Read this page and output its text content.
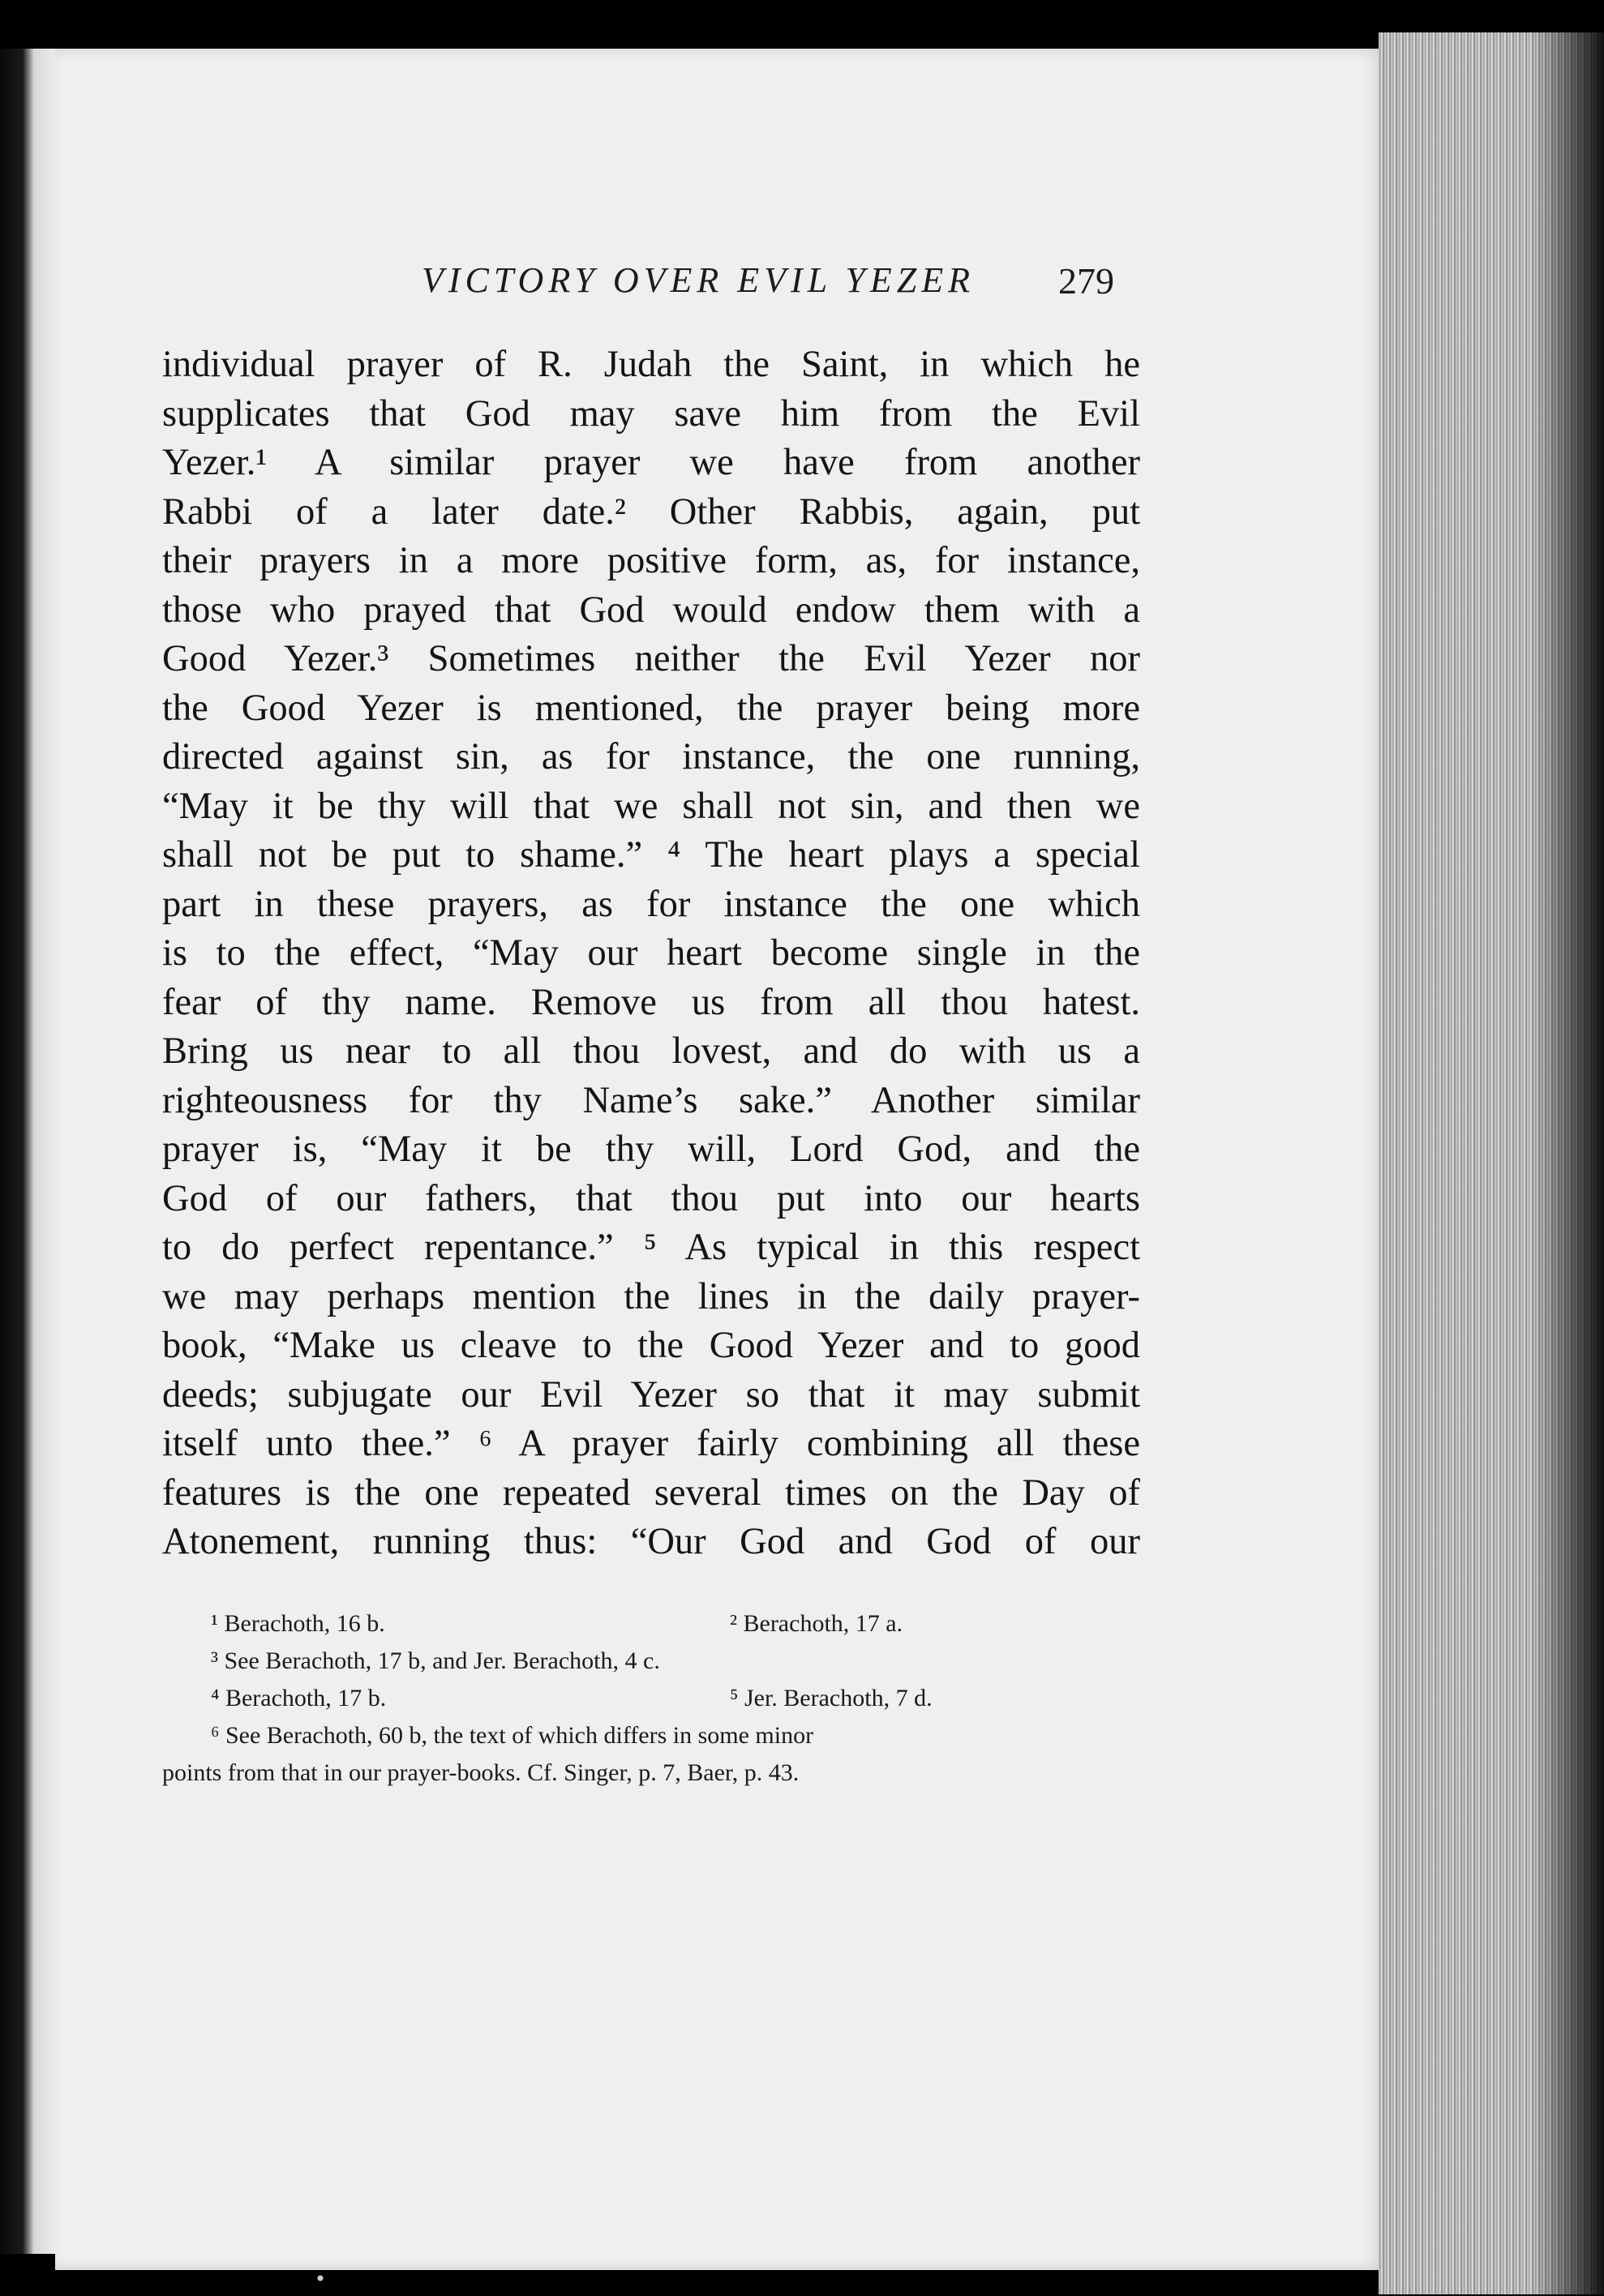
VICTORY OVER EVIL YEZER 279
individual prayer of R. Judah the Saint, in which he
supplicates that God may save him from the Evil
Yezer.¹ A similar prayer we have from another
Rabbi of a later date.² Other Rabbis, again, put
their prayers in a more positive form, as, for instance,
those who prayed that God would endow them with a
Good Yezer.³ Sometimes neither the Evil Yezer nor
the Good Yezer is mentioned, the prayer being more
directed against sin, as for instance, the one running,
“May it be thy will that we shall not sin, and then we
shall not be put to shame.” ⁴ The heart plays a special
part in these prayers, as for instance the one which
is to the effect, “May our heart become single in the
fear of thy name. Remove us from all thou hatest.
Bring us near to all thou lovest, and do with us a
righteousness for thy Name’s sake.” Another similar
prayer is, “May it be thy will, Lord God, and the
God of our fathers, that thou put into our hearts
to do perfect repentance.” ⁵ As typical in this respect
we may perhaps mention the lines in the daily prayer-
book, “Make us cleave to the Good Yezer and to good
deeds; subjugate our Evil Yezer so that it may submit
itself unto thee.” ⁶ A prayer fairly combining all these
features is the one repeated several times on the Day of
Atonement, running thus: “Our God and God of our
¹ Berachoth, 16 b.	² Berachoth, 17 a.
³ See Berachoth, 17 b, and Jer. Berachoth, 4 c.
⁴ Berachoth, 17 b.	⁵ Jer. Berachoth, 7 d.
⁶ See Berachoth, 60 b, the text of which differs in some minor
points from that in our prayer-books. Cf. Singer, p. 7, Baer, p. 43.
